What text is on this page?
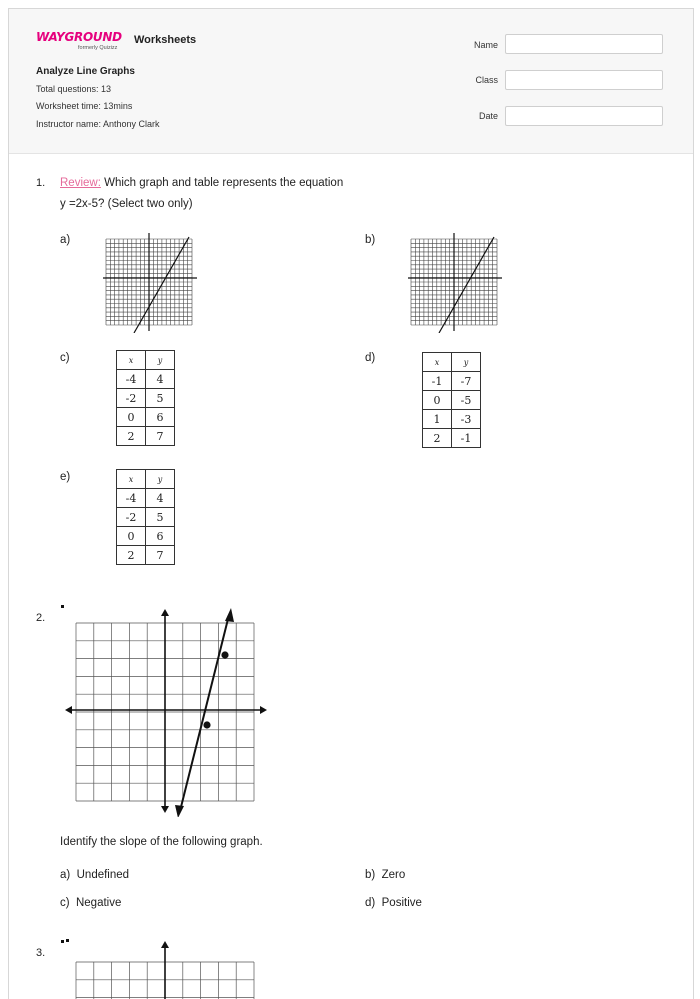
WAYGROUND
formerly Quizizz
Worksheets
Analyze Line Graphs
Total questions: 13
Worksheet time: 13mins
Instructor name: Anthony Clark
Name
Class
Date
1. Review: Which graph and table represents the equation
y =2x-5? (Select two only)
a)	b)
c)	x	y
-4	4
-2	5
0	6
2	7
d)	x	y
-1	-7
0	-5
1	-3
2	-1
e)	x	y
-4	4
-2	5
0	6
2	7
2.
Identify the slope of the following graph.
a) Undefined	b) Zero
c) Negative	d) Positive
3.
